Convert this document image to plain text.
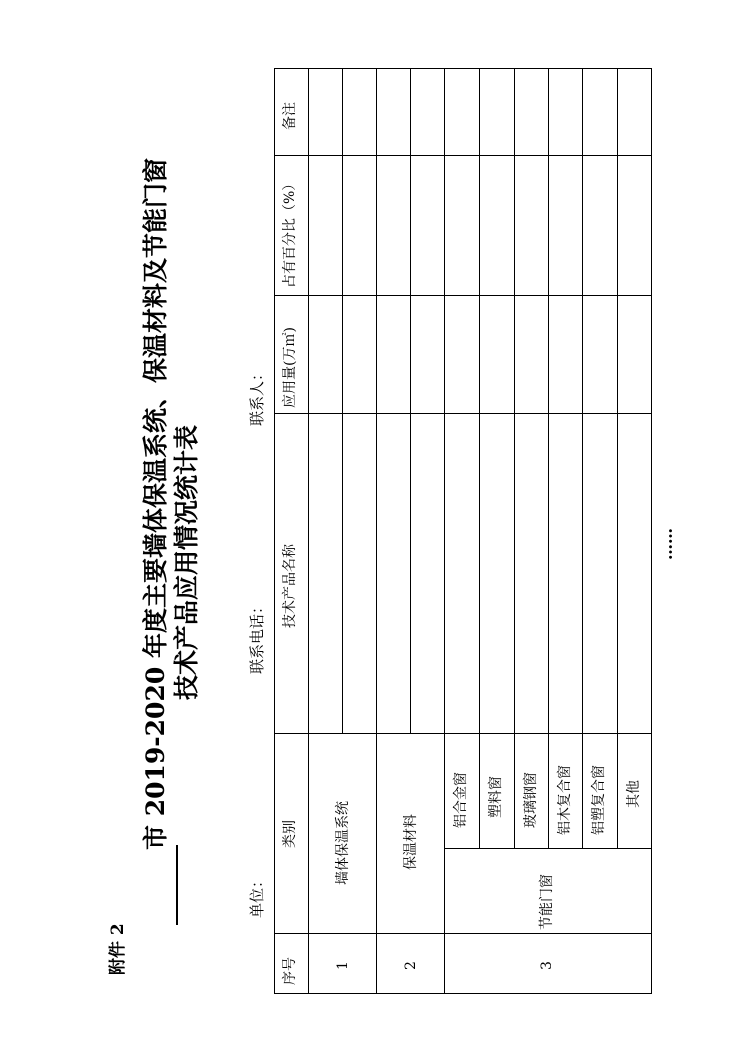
附件 2
市 2019-2020 年度主要墙体保温系统、保温材料及节能门窗 技术产品应用情况统计表
单位：
联系电话：
联系人：
序号
类别
技术产品名称
应用量(万㎡)
占有百分比（%）
备注
1
墙体保温系统
2
保温材料
3
节能门窗
铝合金窗 塑料窗 玻璃钢窗 铝木复合窗 铝塑复合窗 其他
……
